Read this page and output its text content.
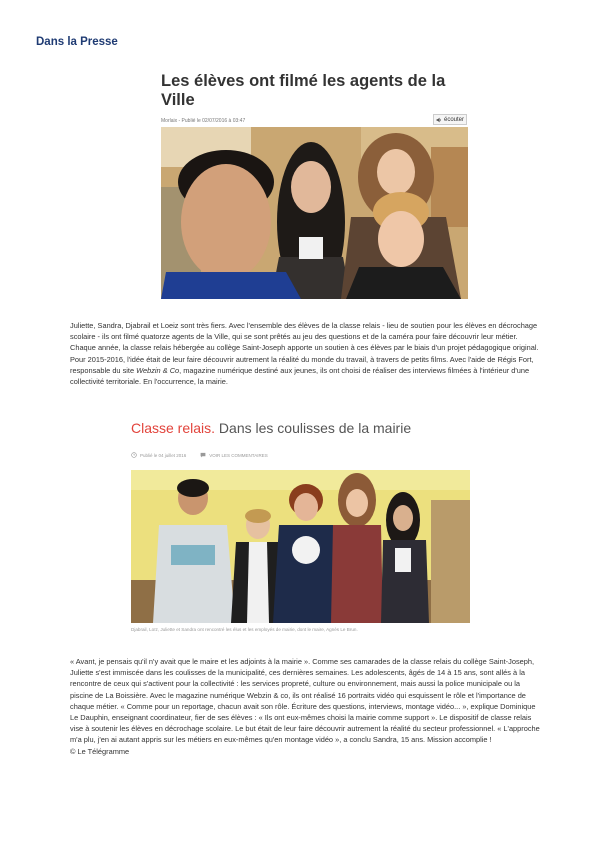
Dans la Presse
Les élèves ont filmé les agents de la Ville
Morlaix - Publié le 02/07/2016 à 03:47	écouter

Juliette, Sandra, Djabrail et Loeiz sont très fiers. Avec l'ensemble des élèves de la classe relais - lieu de soutien pour les élèves en décrochage scolaire - ils ont filmé quatorze agents de la Ville, qui se sont prêtés au jeu des questions et de la caméra pour faire découvrir leur métier. Chaque année, la classe relais hébergée au collège Saint-Joseph apporte un soutien à ces élèves par le biais d'un projet pédagogique original.

Pour 2015-2016, l'idée était de leur faire découvrir autrement la réalité du monde du travail, à travers de petits films. Avec l'aide de Régis Fort, responsable du site Webzin & Co, magazine numérique destiné aux jeunes, ils ont choisi de réaliser des interviews filmées à l'intérieur d'une collectivité territoriale. En l'occurrence, la mairie.

Classe relais. Dans les coulisses de la mairie
Publié le 04 juillet 2016	VOIR LES COMMENTAIRES
Djabrail, Loïz, Juliette et Sandra ont rencontré les élus et les employés de mairie, dont le maire, Agnès Le Brun.

« Avant, je pensais qu'il n'y avait que le maire et les adjoints à la mairie ». Comme ses camarades de la classe relais du collège Saint-Joseph, Juliette s'est immiscée dans les coulisses de la municipalité, ces dernières semaines. Les adolescents, âgés de 14 à 15 ans, sont allés à la rencontre de ceux qui s'activent pour la collectivité : les services propreté, culture ou environnement, mais aussi la police municipale ou la piscine de La Boissière. Avec le magazine numérique Webzin & co, ils ont réalisé 16 portraits vidéo qui esquissent le rôle et l'importance de chaque métier. « Comme pour un reportage, chacun avait son rôle. Écriture des questions, interviews, montage vidéo... », explique Dominique Le Dauphin, enseignant coordinateur, fier de ses élèves : « Ils ont eux-mêmes choisi la mairie comme support ». Le dispositif de classe relais vise à soutenir les élèves en décrochage scolaire. Le but était de leur faire découvrir autrement la réalité du secteur professionnel. « L'approche m'a plu, j'en ai autant appris sur les métiers en eux-mêmes qu'en montage vidéo », a conclu Sandra, 15 ans. Mission accomplie !

© Le Télégramme
